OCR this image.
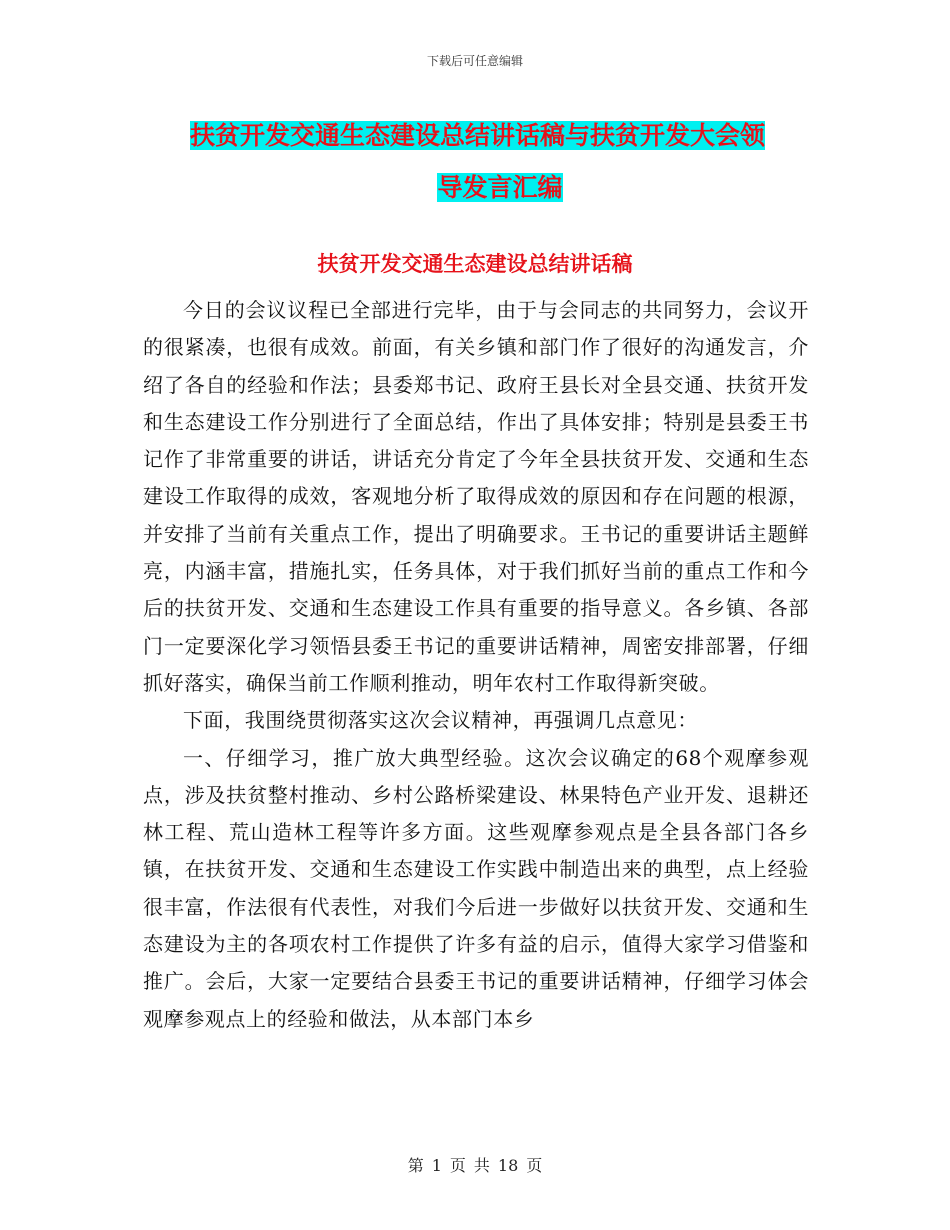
下载后可任意编辑
扶贫开发交通生态建设总结讲话稿与扶贫开发大会领
导发言汇编
扶贫开发交通生态建设总结讲话稿

今日的会议议程已全部进行完毕，由于与会同志的共同努力，会议开的很紧凑，也很有成效。前面，有关乡镇和部门作了很好的沟通发言，介绍了各自的经验和作法；县委郑书记、政府王县长对全县交通、扶贫开发和生态建设工作分别进行了全面总结，作出了具体安排；特别是县委王书记作了非常重要的讲话，讲话充分肯定了今年全县扶贫开发、交通和生态建设工作取得的成效，客观地分析了取得成效的原因和存在问题的根源，并安排了当前有关重点工作，提出了明确要求。王书记的重要讲话主题鲜亮，内涵丰富，措施扎实，任务具体，对于我们抓好当前的重点工作和今后的扶贫开发、交通和生态建设工作具有重要的指导意义。各乡镇、各部门一定要深化学习领悟县委王书记的重要讲话精神，周密安排部署，仔细抓好落实，确保当前工作顺利推动，明年农村工作取得新突破。

下面，我围绕贯彻落实这次会议精神，再强调几点意见：

一、仔细学习，推广放大典型经验。这次会议确定的68个观摩参观点，涉及扶贫整村推动、乡村公路桥梁建设、林果特色产业开发、退耕还林工程、荒山造林工程等许多方面。这些观摩参观点是全县各部门各乡镇，在扶贫开发、交通和生态建设工作实践中制造出来的典型，点上经验很丰富，作法很有代表性，对我们今后进一步做好以扶贫开发、交通和生态建设为主的各项农村工作提供了许多有益的启示，值得大家学习借鉴和推广。会后，大家一定要结合县委王书记的重要讲话精神，仔细学习体会观摩参观点上的经验和做法，从本部门本乡

第 1 页 共 18 页
